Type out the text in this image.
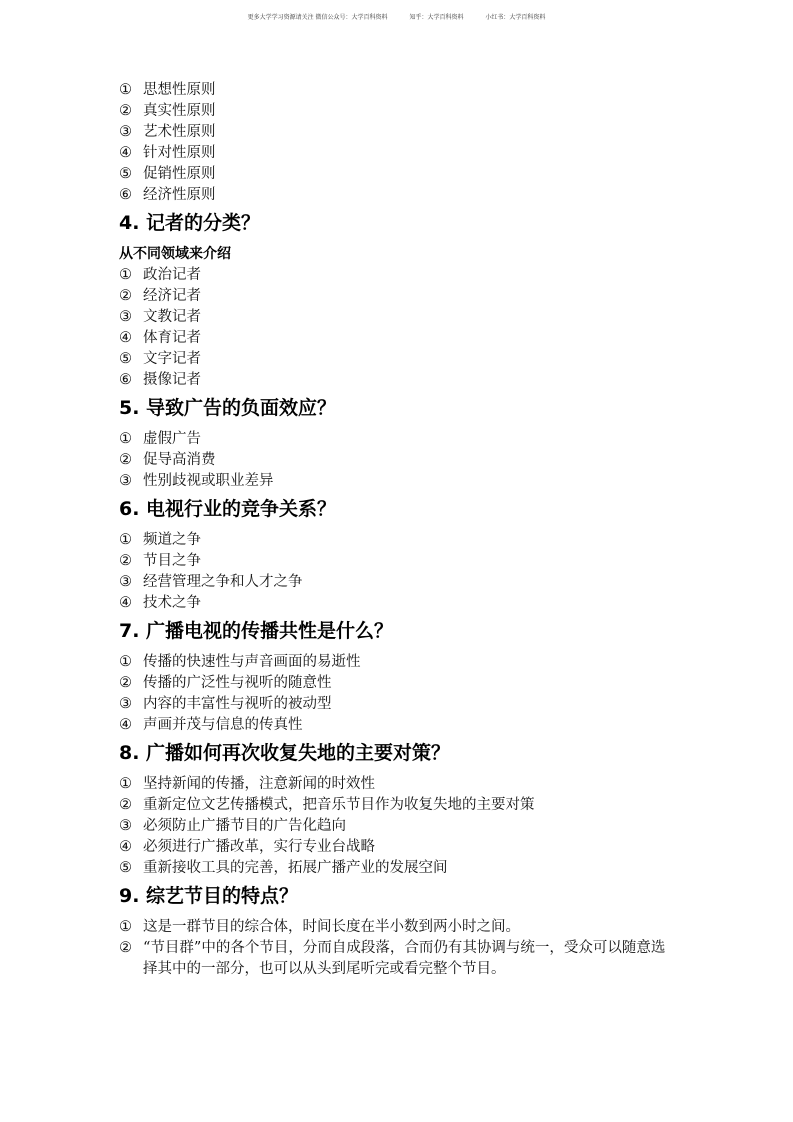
更多大学学习资源请关注 微信公众号：大学百科资料	知乎：大学百科资料	小红书：大学百科资料
① 思想性原则
② 真实性原则
③ 艺术性原则
④ 针对性原则
⑤ 促销性原则
⑥ 经济性原则
4. 记者的分类？
从不同领域来介绍
① 政治记者
② 经济记者
③ 文教记者
④ 体育记者
⑤ 文字记者
⑥ 摄像记者
5. 导致广告的负面效应？
① 虚假广告
② 促导高消费
③ 性别歧视或职业差异
6. 电视行业的竞争关系？
① 频道之争
② 节目之争
③ 经营管理之争和人才之争
④ 技术之争
7. 广播电视的传播共性是什么？
① 传播的快速性与声音画面的易逝性
② 传播的广泛性与视听的随意性
③ 内容的丰富性与视听的被动型
④ 声画并茂与信息的传真性
8. 广播如何再次收复失地的主要对策？
① 坚持新闻的传播，注意新闻的时效性
② 重新定位文艺传播模式，把音乐节目作为收复失地的主要对策
③ 必须防止广播节目的广告化趋向
④ 必须进行广播改革，实行专业台战略
⑤ 重新接收工具的完善，拓展广播产业的发展空间
9. 综艺节目的特点？
① 这是一群节目的综合体，时间长度在半小数到两小时之间。
② “节目群”中的各个节目，分而自成段落，合而仍有其协调与统一，受众可以随意选择其中的一部分，也可以从头到尾听完或看完整个节目。
